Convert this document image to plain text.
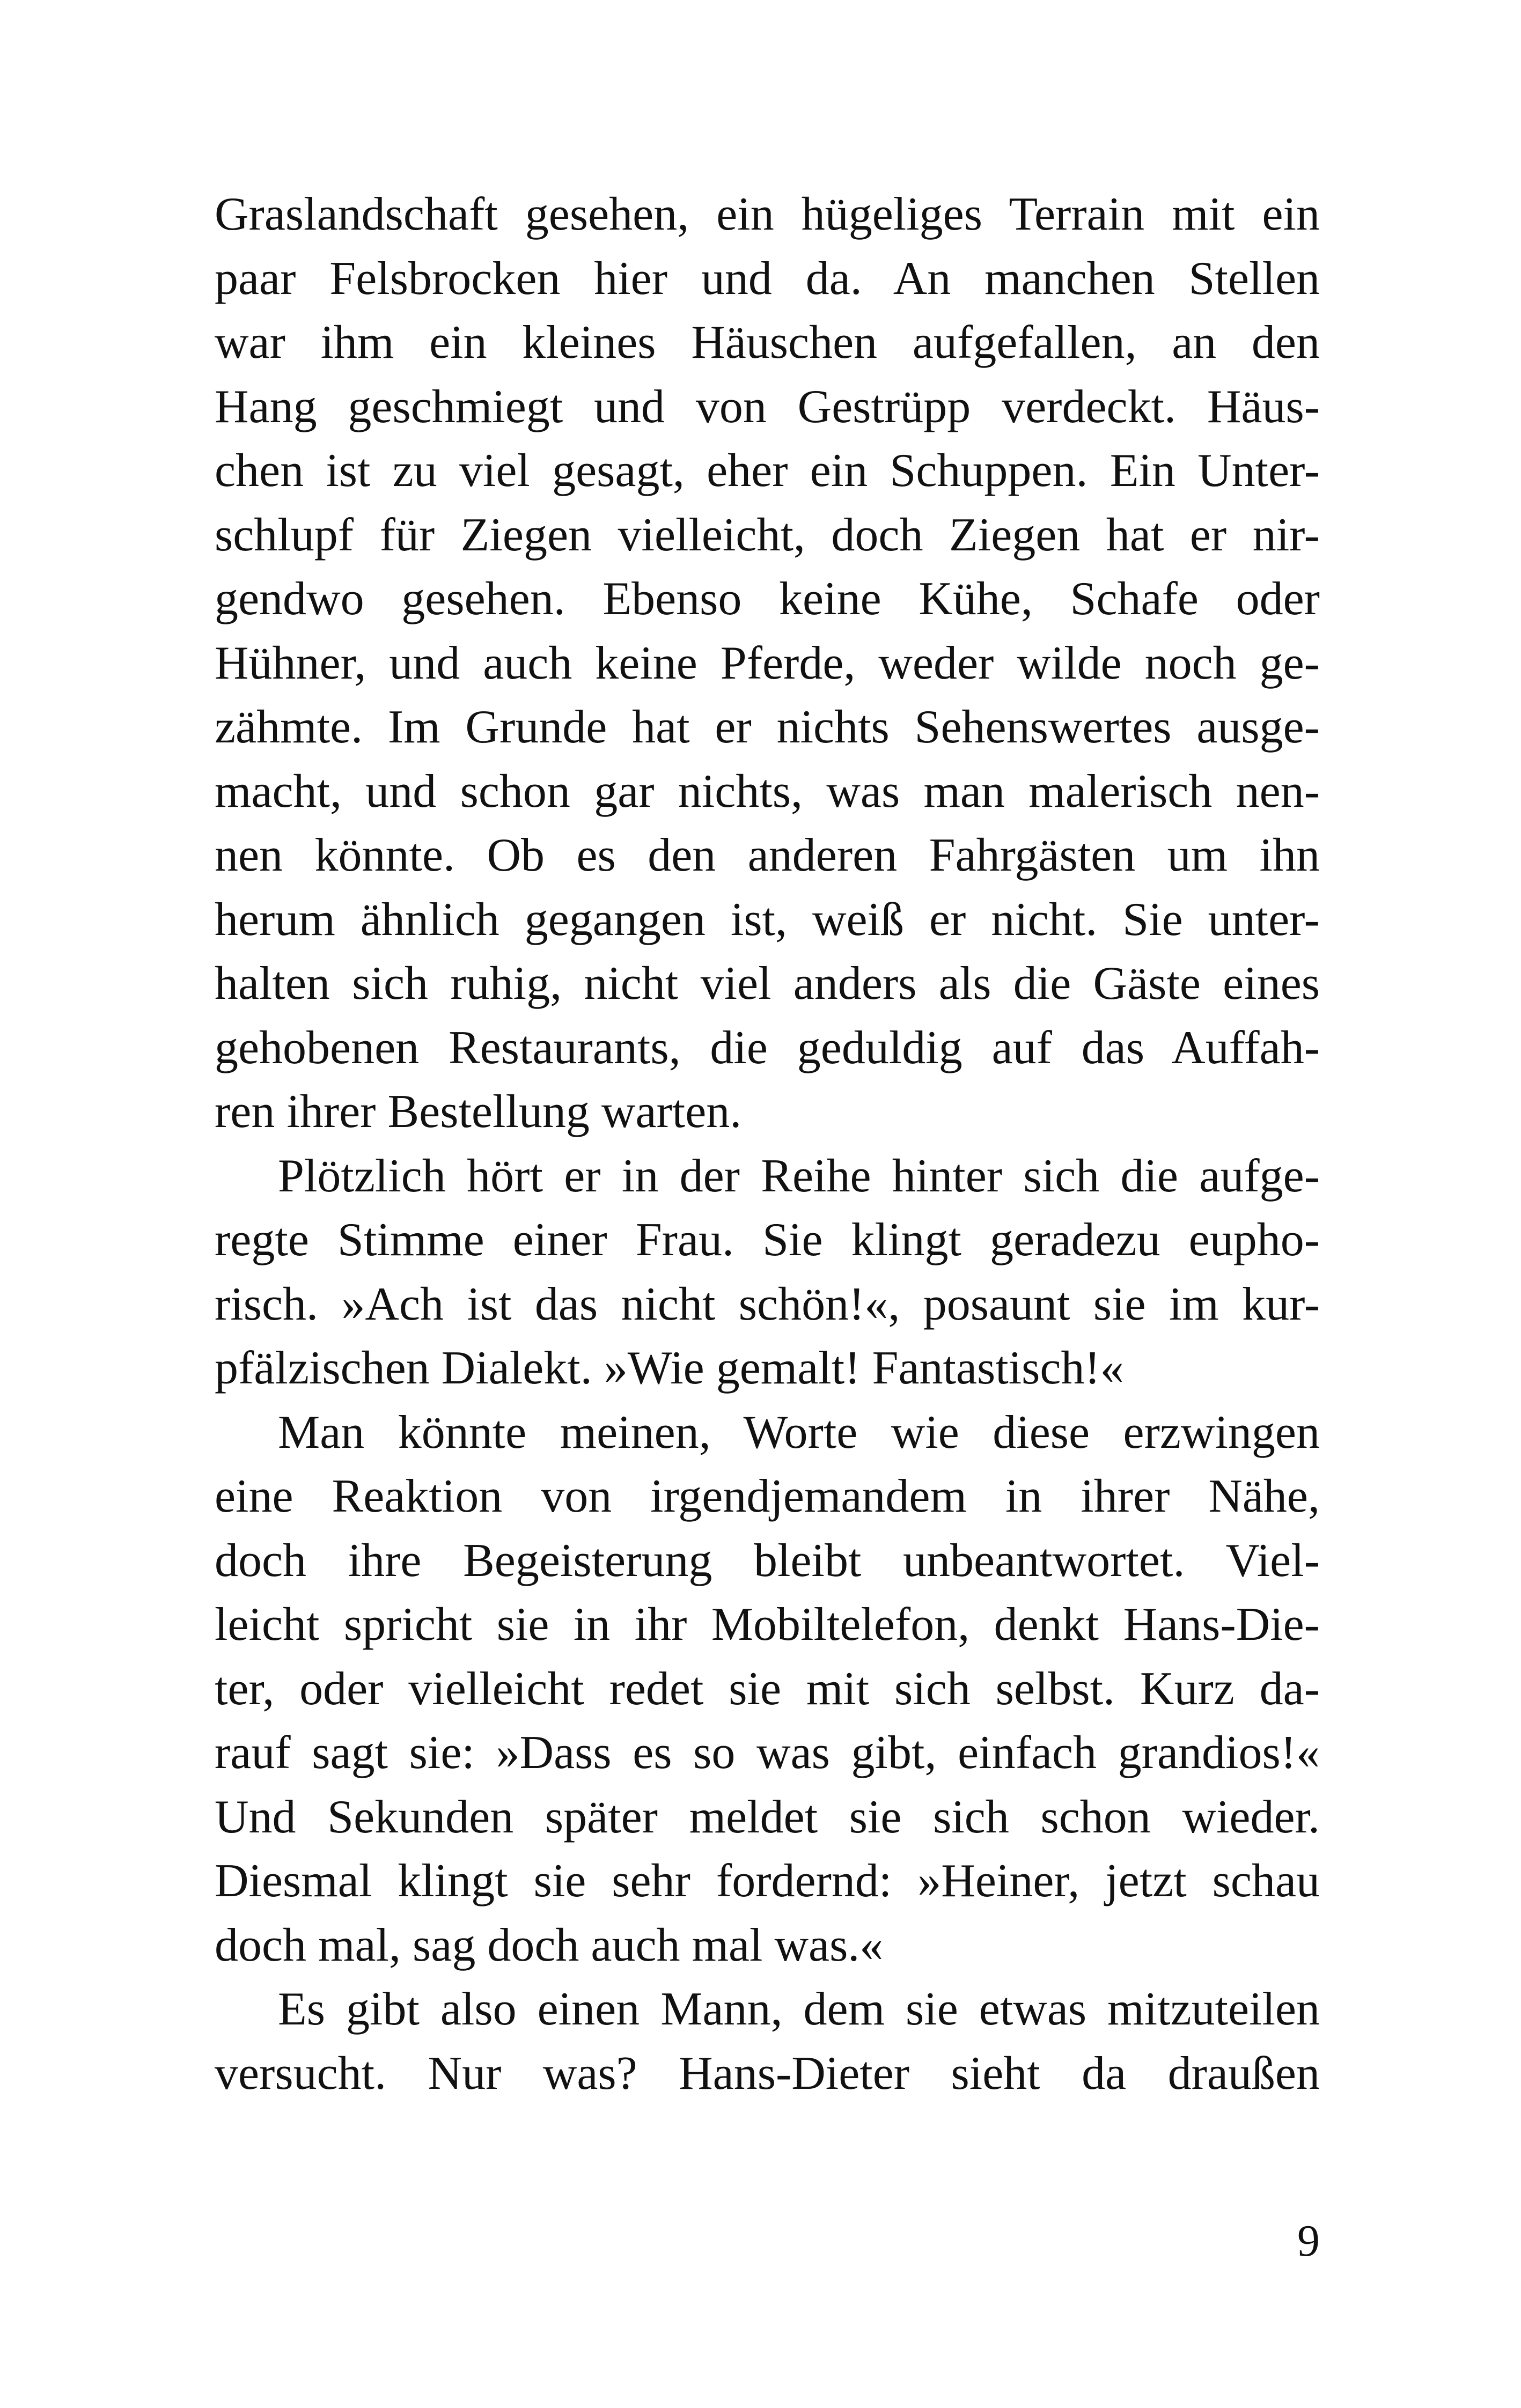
Graslandschaft gesehen, ein hügeliges Terrain mit ein
paar Felsbrocken hier und da. An manchen Stellen
war ihm ein kleines Häuschen aufgefallen, an den
Hang geschmiegt und von Gestrüpp verdeckt. Häus-
chen ist zu viel gesagt, eher ein Schuppen. Ein Unter-
schlupf für Ziegen vielleicht, doch Ziegen hat er nir-
gendwo gesehen. Ebenso keine Kühe, Schafe oder
Hühner, und auch keine Pferde, weder wilde noch ge-
zähmte. Im Grunde hat er nichts Sehenswertes ausge-
macht, und schon gar nichts, was man malerisch nen-
nen könnte. Ob es den anderen Fahrgästen um ihn
herum ähnlich gegangen ist, weiß er nicht. Sie unter-
halten sich ruhig, nicht viel anders als die Gäste eines
gehobenen Restaurants, die geduldig auf das Auffah-
ren ihrer Bestellung warten.
Plötzlich hört er in der Reihe hinter sich die aufge-
regte Stimme einer Frau. Sie klingt geradezu eupho-
risch. »Ach ist das nicht schön!«, posaunt sie im kur-
pfälzischen Dialekt. »Wie gemalt! Fantastisch!«
Man könnte meinen, Worte wie diese erzwingen
eine Reaktion von irgendjemandem in ihrer Nähe,
doch ihre Begeisterung bleibt unbeantwortet. Viel-
leicht spricht sie in ihr Mobiltelefon, denkt Hans-Die-
ter, oder vielleicht redet sie mit sich selbst. Kurz da-
rauf sagt sie: »Dass es so was gibt, einfach grandios!«
Und Sekunden später meldet sie sich schon wieder.
Diesmal klingt sie sehr fordernd: »Heiner, jetzt schau
doch mal, sag doch auch mal was.«
Es gibt also einen Mann, dem sie etwas mitzuteilen
versucht. Nur was? Hans-Dieter sieht da draußen
9
